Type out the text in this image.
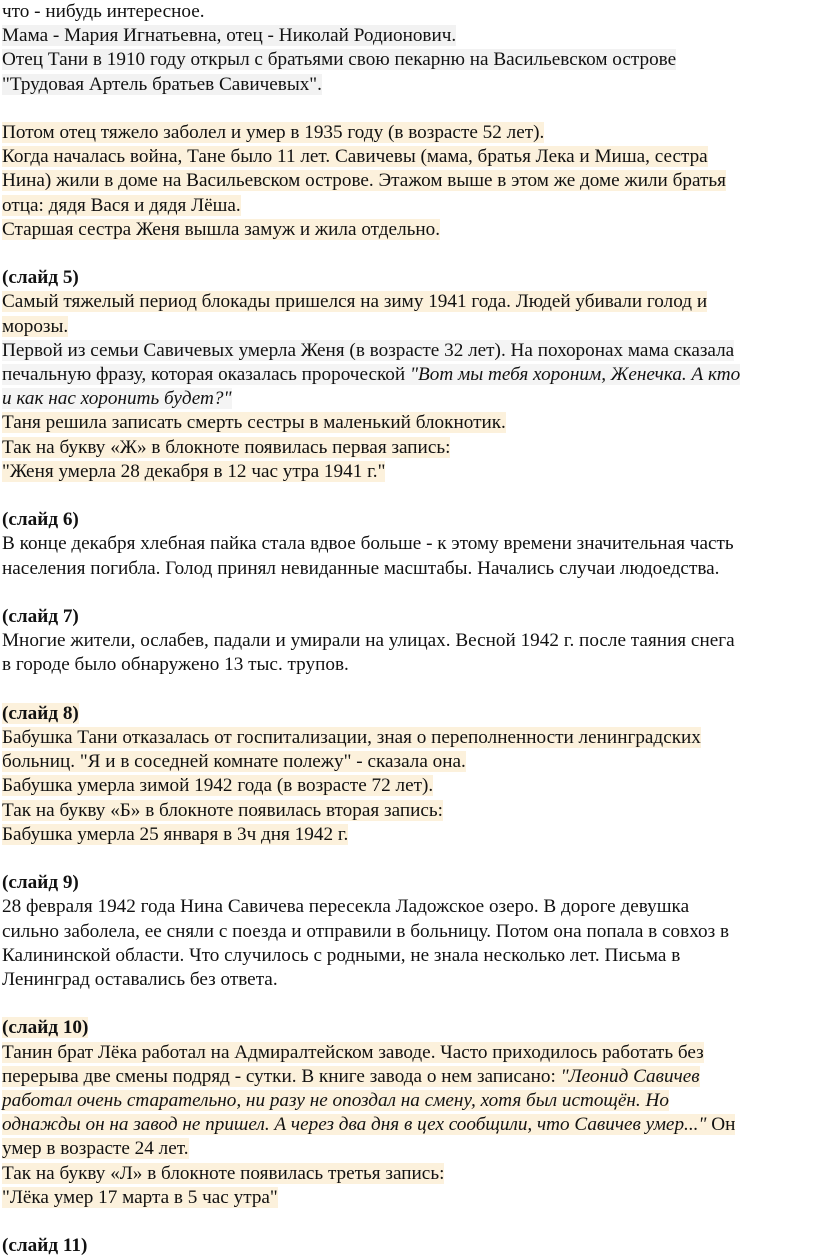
что - нибудь интересное.
Мама - Мария Игнатьевна, отец - Николай Родионович.
Отец Тани в 1910 году открыл с братьями свою пекарню на Васильевском острове
"Трудовая Артель братьев Савичевых".
Потом отец тяжело заболел и умер в 1935 году (в возрасте 52 лет).
Когда началась война, Тане было 11 лет. Савичевы (мама, братья Лека и Миша, сестра
Нина) жили в доме на Васильевском острове. Этажом выше в этом же доме жили братья
отца: дядя Вася и дядя Лёша.
Старшая сестра Женя вышла замуж и жила отдельно.
(слайд 5)
Самый тяжелый период блокады пришелся на зиму 1941 года. Людей убивали голод и
морозы.
Первой из семьи Савичевых умерла Женя (в возрасте 32 лет). На похоронах мама сказала
печальную фразу, которая оказалась пророческой "Вот мы тебя хороним, Женечка. А кто
и как нас хоронить будет?"
Таня решила записать смерть сестры в маленький блокнотик.
Так на букву «Ж» в блокноте появилась первая запись:
"Женя умерла 28 декабря в 12 час утра 1941 г."
(слайд 6)
В конце декабря хлебная пайка стала вдвое больше - к этому времени значительная часть
населения погибла. Голод принял невиданные масштабы. Начались случаи людоедства.
(слайд 7)
Многие жители, ослабев, падали и умирали на улицах. Весной 1942 г. после таяния снега
в городе было обнаружено 13 тыс. трупов.
(слайд 8)
Бабушка Тани отказалась от госпитализации, зная о переполненности ленинградских
больниц. "Я и в соседней комнате полежу" - сказала она.
Бабушка умерла зимой 1942 года (в возрасте 72 лет).
Так на букву «Б» в блокноте появилась вторая запись:
Бабушка умерла 25 января в 3ч дня 1942 г.
(слайд 9)
28 февраля 1942 года Нина Савичева пересекла Ладожское озеро. В дороге девушка
сильно заболела, ее сняли с поезда и отправили в больницу. Потом она попала в совхоз в
Калининской области. Что случилось с родными, не знала несколько лет. Письма в
Ленинград оставались без ответа.
(слайд 10)
Танин брат Лёка работал на Адмиралтейском заводе. Часто приходилось работать без
перерыва две смены подряд - сутки. В книге завода о нем записано: "Леонид Савичев
работал очень старательно, ни разу не опоздал на смену, хотя был истощён. Но
однажды он на завод не пришел. А через два дня в цех сообщили, что Савичев умер..." Он
умер в возрасте 24 лет.
Так на букву «Л» в блокноте появилась третья запись:
"Лёка умер 17 марта в 5 час утра"
(слайд 11)
